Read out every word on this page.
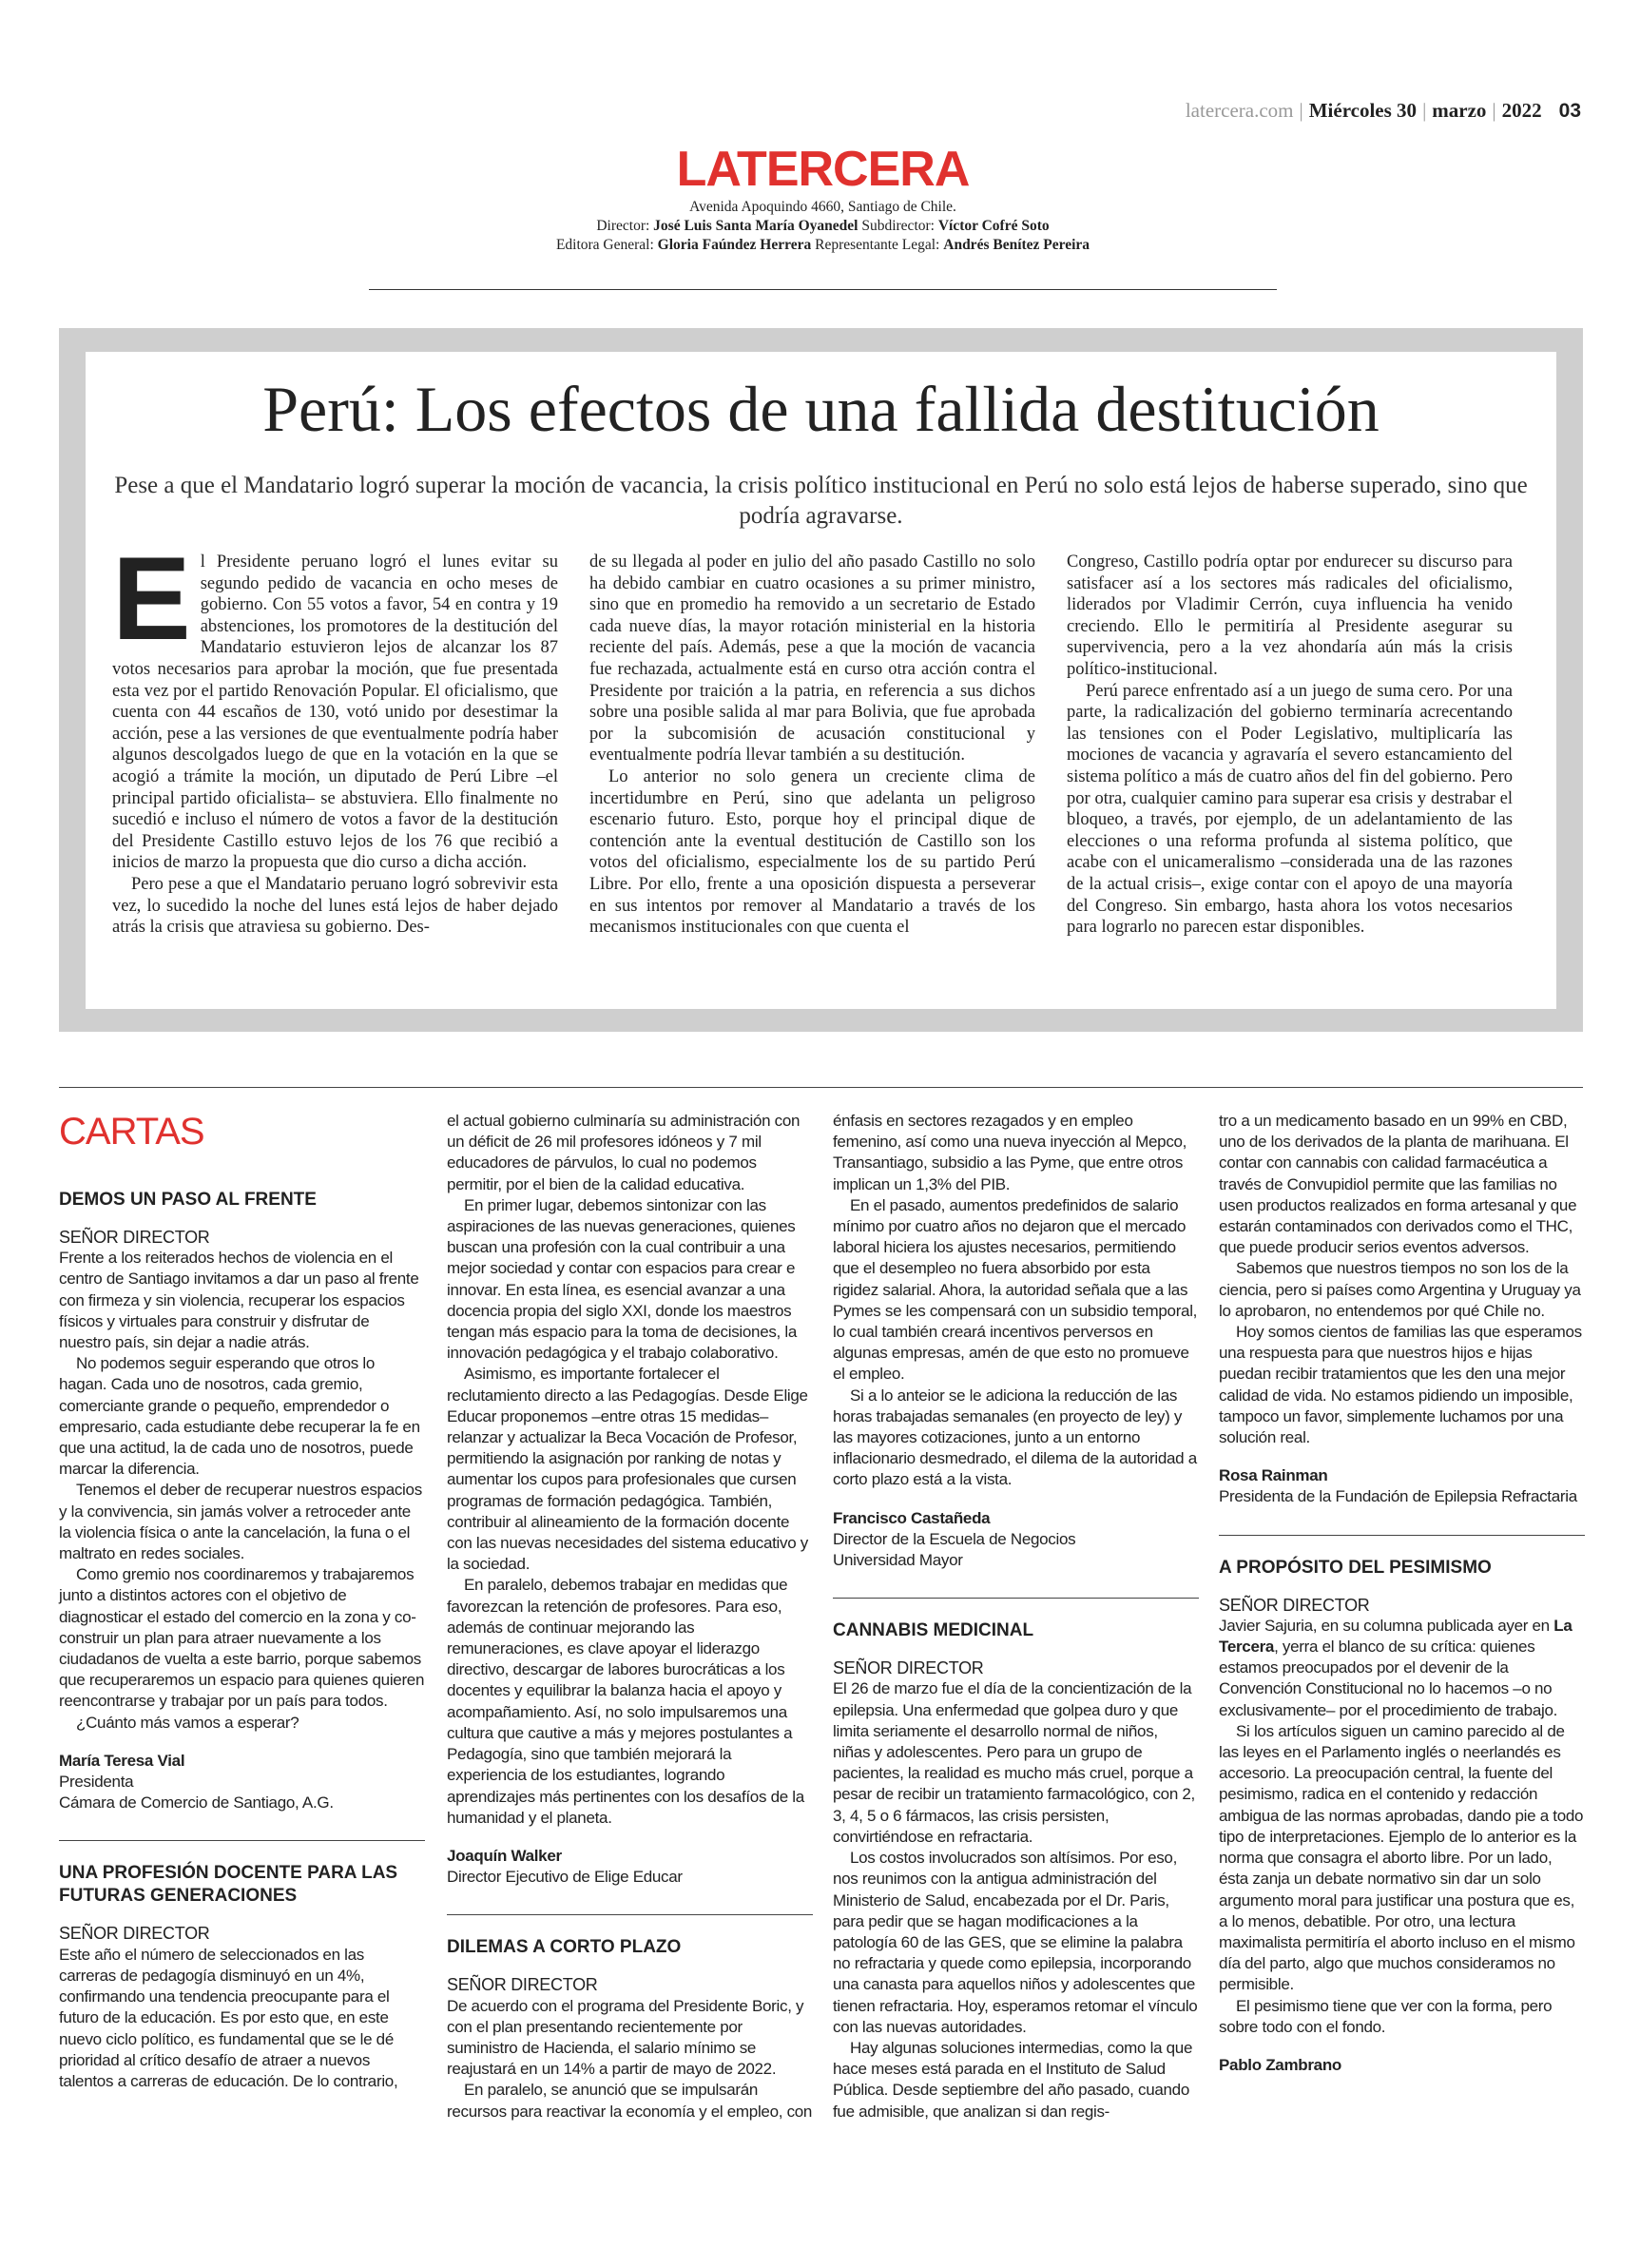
latercera.com | Miércoles 30 | marzo | 2022 03
LATERCERA
Avenida Apoquindo 4660, Santiago de Chile.
Director: José Luis Santa María Oyanedel Subdirector: Víctor Cofré Soto
Editora General: Gloria Faúndez Herrera Representante Legal: Andrés Benítez Pereira
Perú: Los efectos de una fallida destitución
Pese a que el Mandatario logró superar la moción de vacancia, la crisis político institucional en Perú no solo está lejos de haberse superado, sino que podría agravarse.

El Presidente peruano logró el lunes evitar su segundo pedido de vacancia en ocho meses de gobierno. Con 55 votos a favor, 54 en contra y 19 abstenciones, los promotores de la destitución del Mandatario estuvieron lejos de alcanzar los 87 votos necesarios para aprobar la moción, que fue presentada esta vez por el partido Renovación Popular. El oficialismo, que cuenta con 44 escaños de 130, votó unido por desestimar la acción, pese a las versiones de que eventualmente podría haber algunos descolgados luego de que en la votación en la que se acogió a trámite la moción, un diputado de Perú Libre –el principal partido oficialista– se abstuviera. Ello finalmente no sucedió e incluso el número de votos a favor de la destitución del Presidente Castillo estuvo lejos de los 76 que recibió a inicios de marzo la propuesta que dio curso a dicha acción.

Pero pese a que el Mandatario peruano logró sobrevivir esta vez, lo sucedido la noche del lunes está lejos de haber dejado atrás la crisis que atraviesa su gobierno. Des-

de su llegada al poder en julio del año pasado Castillo no solo ha debido cambiar en cuatro ocasiones a su primer ministro, sino que en promedio ha removido a un secretario de Estado cada nueve días, la mayor rotación ministerial en la historia reciente del país. Además, pese a que la moción de vacancia fue rechazada, actualmente está en curso otra acción contra el Presidente por traición a la patria, en referencia a sus dichos sobre una posible salida al mar para Bolivia, que fue aprobada por la subcomisión de acusación constitucional y eventualmente podría llevar también a su destitución.

Lo anterior no solo genera un creciente clima de incertidumbre en Perú, sino que adelanta un peligroso escenario futuro. Esto, porque hoy el principal dique de contención ante la eventual destitución de Castillo son los votos del oficialismo, especialmente los de su partido Perú Libre. Por ello, frente a una oposición dispuesta a perseverar en sus intentos por remover al Mandatario a través de los mecanismos institucionales con que cuenta el

Congreso, Castillo podría optar por endurecer su discurso para satisfacer así a los sectores más radicales del oficialismo, liderados por Vladimir Cerrón, cuya influencia ha venido creciendo. Ello le permitiría al Presidente asegurar su supervivencia, pero a la vez ahondaría aún más la crisis político-institucional.

Perú parece enfrentado así a un juego de suma cero. Por una parte, la radicalización del gobierno terminaría acrecentando las tensiones con el Poder Legislativo, multiplicaría las mociones de vacancia y agravaría el severo estancamiento del sistema político a más de cuatro años del fin del gobierno. Pero por otra, cualquier camino para superar esa crisis y destrabar el bloqueo, a través, por ejemplo, de un adelantamiento de las elecciones o una reforma profunda al sistema político, que acabe con el unicameralismo –considerada una de las razones de la actual crisis–, exige contar con el apoyo de una mayoría del Congreso. Sin embargo, hasta ahora los votos necesarios para lograrlo no parecen estar disponibles.

CARTAS

DEMOS UN PASO AL FRENTE

SEÑOR DIRECTOR

Frente a los reiterados hechos de violencia en el centro de Santiago invitamos a dar un paso al frente con firmeza y sin violencia, recuperar los espacios físicos y virtuales para construir y disfrutar de nuestro país, sin dejar a nadie atrás.

No podemos seguir esperando que otros lo hagan. Cada uno de nosotros, cada gremio, comerciante grande o pequeño, emprendedor o empresario, cada estudiante debe recuperar la fe en que una actitud, la de cada uno de nosotros, puede marcar la diferencia.

Tenemos el deber de recuperar nuestros espacios y la convivencia, sin jamás volver a retroceder ante la violencia física o ante la cancelación, la funa o el maltrato en redes sociales.

Como gremio nos coordinaremos y trabajaremos junto a distintos actores con el objetivo de diagnosticar el estado del comercio en la zona y co-construir un plan para atraer nuevamente a los ciudadanos de vuelta a este barrio, porque sabemos que recuperaremos un espacio para quienes quieren reencontrarse y trabajar por un país para todos.

¿Cuánto más vamos a esperar?

María Teresa Vial

Presidenta

Cámara de Comercio de Santiago, A.G.

UNA PROFESIÓN DOCENTE PARA LAS FUTURAS GENERACIONES

SEÑOR DIRECTOR

Este año el número de seleccionados en las carreras de pedagogía disminuyó en un 4%, confirmando una tendencia preocupante para el futuro de la educación. Es por esto que, en este nuevo ciclo político, es fundamental que se le dé prioridad al crítico desafío de atraer a nuevos talentos a carreras de educación. De lo contrario,

el actual gobierno culminaría su administración con un déficit de 26 mil profesores idóneos y 7 mil educadores de párvulos, lo cual no podemos permitir, por el bien de la calidad educativa.

En primer lugar, debemos sintonizar con las aspiraciones de las nuevas generaciones, quienes buscan una profesión con la cual contribuir a una mejor sociedad y contar con espacios para crear e innovar. En esta línea, es esencial avanzar a una docencia propia del siglo XXI, donde los maestros tengan más espacio para la toma de decisiones, la innovación pedagógica y el trabajo colaborativo.

Asimismo, es importante fortalecer el reclutamiento directo a las Pedagogías. Desde Elige Educar proponemos –entre otras 15 medidas– relanzar y actualizar la Beca Vocación de Profesor, permitiendo la asignación por ranking de notas y aumentar los cupos para profesionales que cursen programas de formación pedagógica. También, contribuir al alineamiento de la formación docente con las nuevas necesidades del sistema educativo y la sociedad.

En paralelo, debemos trabajar en medidas que favorezcan la retención de profesores. Para eso, además de continuar mejorando las remuneraciones, es clave apoyar el liderazgo directivo, descargar de labores burocráticas a los docentes y equilibrar la balanza hacia el apoyo y acompañamiento. Así, no solo impulsaremos una cultura que cautive a más y mejores postulantes a Pedagogía, sino que también mejorará la experiencia de los estudiantes, logrando aprendizajes más pertinentes con los desafíos de la humanidad y el planeta.

Joaquín Walker

Director Ejecutivo de Elige Educar

DILEMAS A CORTO PLAZO

SEÑOR DIRECTOR

De acuerdo con el programa del Presidente Boric, y con el plan presentando recientemente por suministro de Hacienda, el salario mínimo se reajustará en un 14% a partir de mayo de 2022.

En paralelo, se anunció que se impulsarán recursos para reactivar la economía y el empleo, con

énfasis en sectores rezagados y en empleo femenino, así como una nueva inyección al Mepco, Transantiago, subsidio a las Pyme, que entre otros implican un 1,3% del PIB.

En el pasado, aumentos predefinidos de salario mínimo por cuatro años no dejaron que el mercado laboral hiciera los ajustes necesarios, permitiendo que el desempleo no fuera absorbido por esta rigidez salarial. Ahora, la autoridad señala que a las Pymes se les compensará con un subsidio temporal, lo cual también creará incentivos perversos en algunas empresas, amén de que esto no promueve el empleo.

Si a lo anteior se le adiciona la reducción de las horas trabajadas semanales (en proyecto de ley) y las mayores cotizaciones, junto a un entorno inflacionario desmedrado, el dilema de la autoridad a corto plazo está a la vista.

Francisco Castañeda

Director de la Escuela de Negocios

Universidad Mayor

CANNABIS MEDICINAL

SEÑOR DIRECTOR

El 26 de marzo fue el día de la concientización de la epilepsia. Una enfermedad que golpea duro y que limita seriamente el desarrollo normal de niños, niñas y adolescentes. Pero para un grupo de pacientes, la realidad es mucho más cruel, porque a pesar de recibir un tratamiento farmacológico, con 2, 3, 4, 5 o 6 fármacos, las crisis persisten, convirtiéndose en refractaria.

Los costos involucrados son altísimos. Por eso, nos reunimos con la antigua administración del Ministerio de Salud, encabezada por el Dr. Paris, para pedir que se hagan modificaciones a la patología 60 de las GES, que se elimine la palabra no refractaria y quede como epilepsia, incorporando una canasta para aquellos niños y adolescentes que tienen refractaria. Hoy, esperamos retomar el vínculo con las nuevas autoridades.

Hay algunas soluciones intermedias, como la que hace meses está parada en el Instituto de Salud Pública. Desde septiembre del año pasado, cuando fue admisible, que analizan si dan regis-

tro a un medicamento basado en un 99% en CBD, uno de los derivados de la planta de marihuana. El contar con cannabis con calidad farmacéutica a través de Convupidiol permite que las familias no usen productos realizados en forma artesanal y que estarán contaminados con derivados como el THC, que puede producir serios eventos adversos.

Sabemos que nuestros tiempos no son los de la ciencia, pero si países como Argentina y Uruguay ya lo aprobaron, no entendemos por qué Chile no.

Hoy somos cientos de familias las que esperamos una respuesta para que nuestros hijos e hijas puedan recibir tratamientos que les den una mejor calidad de vida. No estamos pidiendo un imposible, tampoco un favor, simplemente luchamos por una solución real.

Rosa Rainman

Presidenta de la Fundación de Epilepsia Refractaria

A PROPÓSITO DEL PESIMISMO

SEÑOR DIRECTOR

Javier Sajuria, en su columna publicada ayer en La Tercera, yerra el blanco de su crítica: quienes estamos preocupados por el devenir de la Convención Constitucional no lo hacemos –o no exclusivamente– por el procedimiento de trabajo.

Si los artículos siguen un camino parecido al de las leyes en el Parlamento inglés o neerlandés es accesorio. La preocupación central, la fuente del pesimismo, radica en el contenido y redacción ambigua de las normas aprobadas, dando pie a todo tipo de interpretaciones. Ejemplo de lo anterior es la norma que consagra el aborto libre. Por un lado, ésta zanja un debate normativo sin dar un solo argumento moral para justificar una postura que es, a lo menos, debatible. Por otro, una lectura maximalista permitiría el aborto incluso en el mismo día del parto, algo que muchos consideramos no permisible.

El pesimismo tiene que ver con la forma, pero sobre todo con el fondo.

Pablo Zambrano
